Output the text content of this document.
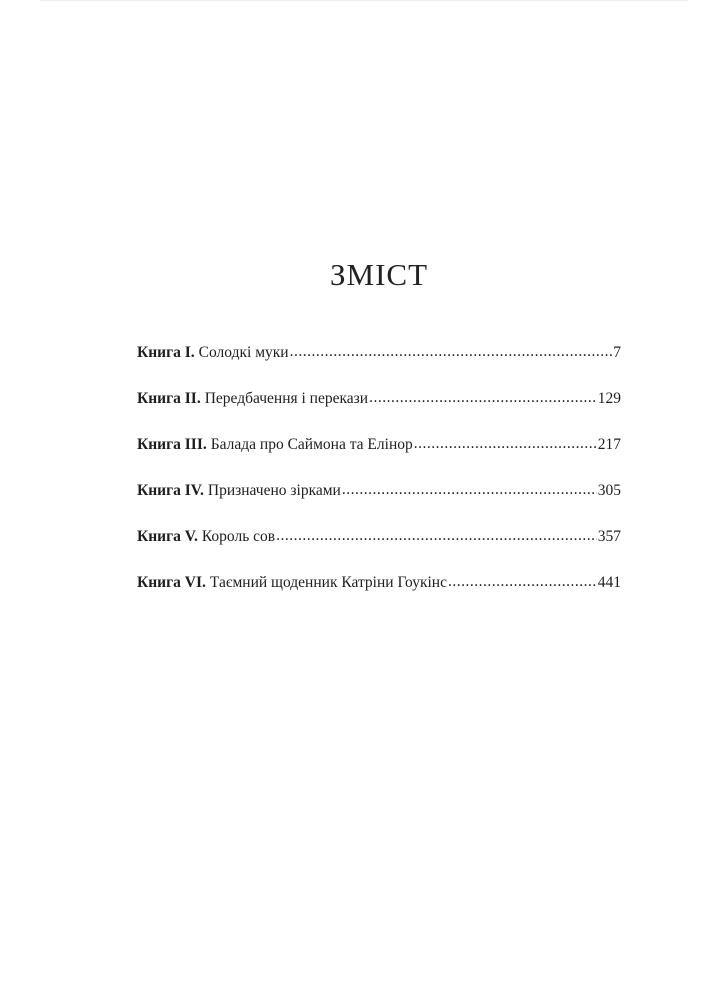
ЗМІСТ
Книга I. Солодкі муки .....	7
Книга II. Передбачення і перекази .....	129
Книга III. Балада про Саймона та Елінор .....	217
Книга IV. Призначено зірками .....	305
Книга V. Король сов .....	357
Книга VI. Таємний щоденник Катріни Гоукінс .....	441
